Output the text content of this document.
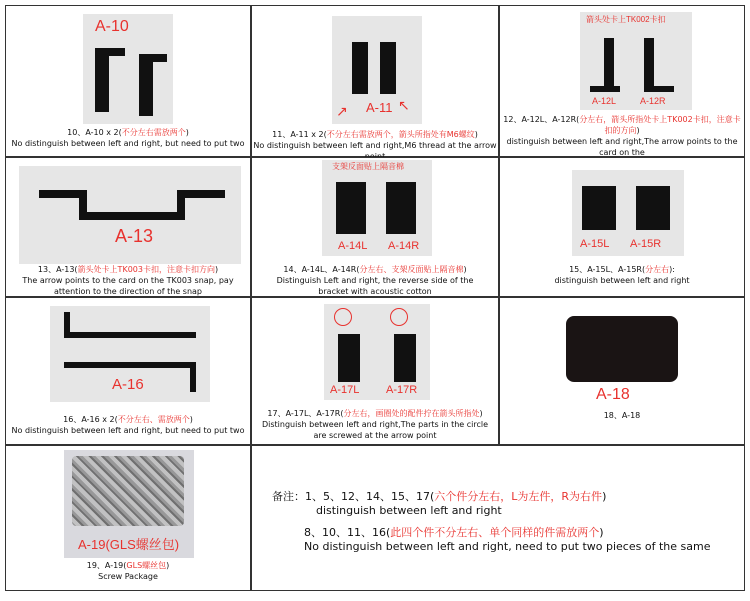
A-10
10、A-10 x 2(不分左右需放两个)
No distinguish between left and right, but need to put two
A-11
↗	↖
11、A-11 x 2(不分左右需放两个，箭头所指处有M6螺纹)
No distinguish between left and right,M6 thread at the arrow
箭头处卡上TK002卡扣
A-12L	A-12R
12、A-12L、A-12R(分左右，箭头所指处卡上TK002卡扣，注意卡扣的方向)
distinguish between left and right,The arrow points to the card on the

A-13
13、A-13(箭头处卡上TK003卡扣，注意卡扣方向)
The arrow points to the card on the TK003 snap, pay
attention to the direction of the snap
支架反面贴上隔音棉
A-14L A-14R
14、A-14L、A-14R(分左右、支架反面贴上隔音棉)
Distinguish Left and right, the reverse side of the
bracket with acoustic cotton
A-15L A-15R
15、A-15L、A-15R(分左右):
distinguish between left and right
A-16
16、A-16 x 2(不分左右、需放两个)
No distinguish between left and right, but need to put two
A-17L A-17R
17、A-17L、A-17R(分左右，画圈处的配件拧在箭头所指处)
Distinguish between left and right,The parts in the circle
are screwed at the arrow point
A-18
18、A-18
A-19(GLS螺丝包)
19、A-19(GLS螺丝包)
Screw Package
备注：1、5、12、14、15、17(六个件分左右，L为左件，R为右件)
distinguish between left and right
8、10、11、16(此四个件不分左右、单个同样的件需放两个)
No distinguish between left and right, need to put two pieces of the same
